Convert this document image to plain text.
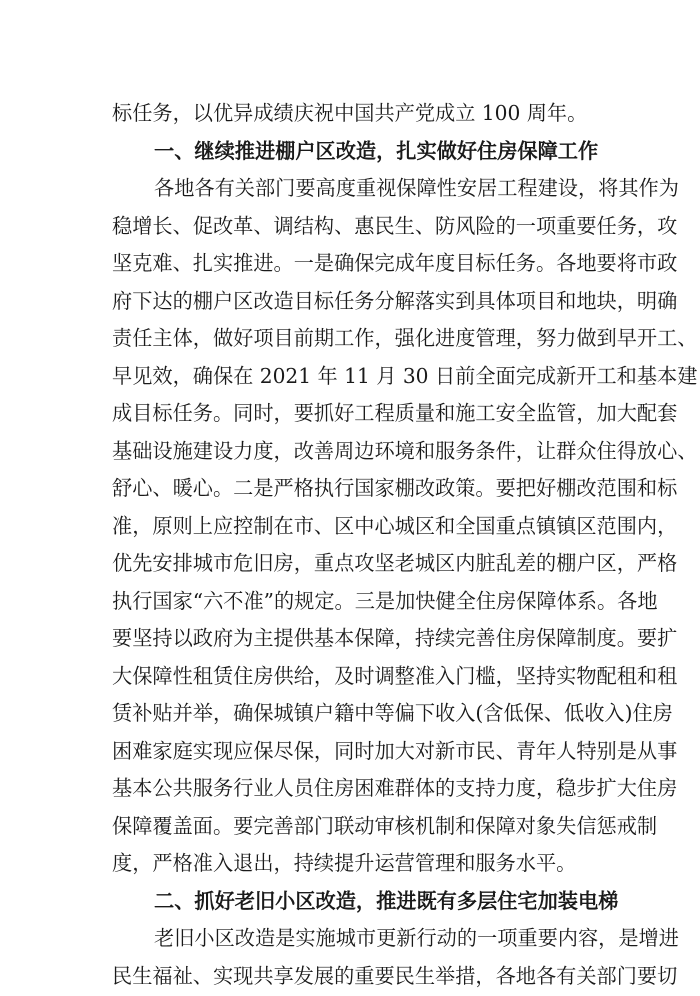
标任务，以优异成绩庆祝中国共产党成立 100 周年。
一、继续推进棚户区改造，扎实做好住房保障工作
各地各有关部门要高度重视保障性安居工程建设，将其作为
稳增长、促改革、调结构、惠民生、防风险的一项重要任务，攻
坚克难、扎实推进。一是确保完成年度目标任务。各地要将市政
府下达的棚户区改造目标任务分解落实到具体项目和地块，明确
责任主体，做好项目前期工作，强化进度管理，努力做到早开工、
早见效，确保在 2021 年 11 月 30 日前全面完成新开工和基本建
成目标任务。同时，要抓好工程质量和施工安全监管，加大配套
基础设施建设力度，改善周边环境和服务条件，让群众住得放心、
舒心、暖心。二是严格执行国家棚改政策。要把好棚改范围和标
准，原则上应控制在市、区中心城区和全国重点镇镇区范围内，
优先安排城市危旧房，重点攻坚老城区内脏乱差的棚户区，严格
执行国家“六不准”的规定。三是加快健全住房保障体系。各地
要坚持以政府为主提供基本保障，持续完善住房保障制度。要扩
大保障性租赁住房供给，及时调整准入门槛，坚持实物配租和租
赁补贴并举，确保城镇户籍中等偏下收入(含低保、低收入)住房
困难家庭实现应保尽保，同时加大对新市民、青年人特别是从事
基本公共服务行业人员住房困难群体的支持力度，稳步扩大住房
保障覆盖面。要完善部门联动审核机制和保障对象失信惩戒制
度，严格准入退出，持续提升运营管理和服务水平。
二、抓好老旧小区改造，推进既有多层住宅加装电梯
老旧小区改造是实施城市更新行动的一项重要内容，是增进
民生福祉、实现共享发展的重要民生举措，各地各有关部门要切
